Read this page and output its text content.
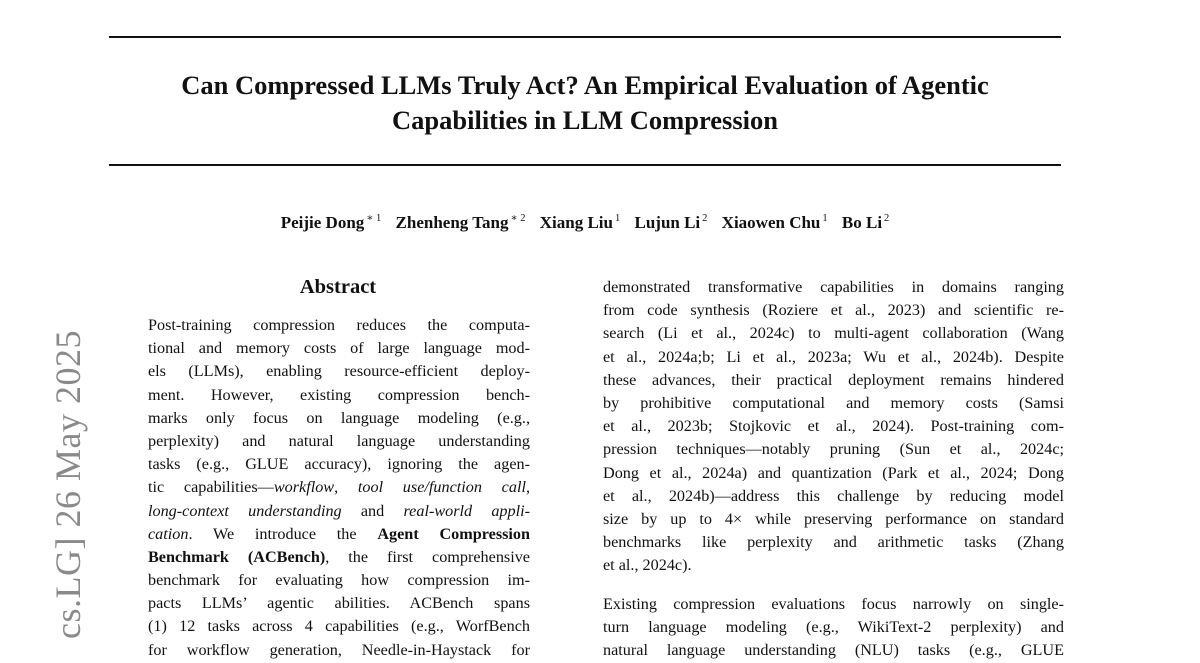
Can Compressed LLMs Truly Act? An Empirical Evaluation of Agentic
Capabilities in LLM Compression
Peijie Dong $^{∗ 1}$ Zhenheng Tang $^{∗ 2}$ Xiang Liu $^1$ Lujun Li $^2$ Xiaowen Chu $^1$ Bo Li $^2$
cs.LG] 26 May 2025
Abstract
Post-training compression reduces the computa-
tional and memory costs of large language mod-
els (LLMs), enabling resource-efficient deploy-
ment. However, existing compression bench-
marks only focus on language modeling (e.g.,
perplexity) and natural language understanding
tasks (e.g., GLUE accuracy), ignoring the agen-
tic capabilities—workflow, tool use/function call,
long-context understanding and real-world appli-
cation. We introduce the Agent Compression
Benchmark (ACBench), the first comprehensive
benchmark for evaluating how compression im-
pacts LLMs’ agentic abilities. ACBench spans
(1) 12 tasks across 4 capabilities (e.g., WorfBench
for workflow generation, Needle-in-Haystack for
demonstrated transformative capabilities in domains ranging
from code synthesis (Roziere et al., 2023) and scientific re-
search (Li et al., 2024c) to multi-agent collaboration (Wang
et al., 2024a;b; Li et al., 2023a; Wu et al., 2024b). Despite
these advances, their practical deployment remains hindered
by prohibitive computational and memory costs (Samsi
et al., 2023b; Stojkovic et al., 2024). Post-training com-
pression techniques—notably pruning (Sun et al., 2024c;
Dong et al., 2024a) and quantization (Park et al., 2024; Dong
et al., 2024b)—address this challenge by reducing model
size by up to 4× while preserving performance on standard
benchmarks like perplexity and arithmetic tasks (Zhang
et al., 2024c).
Existing compression evaluations focus narrowly on single-
turn language modeling (e.g., WikiText-2 perplexity) and
natural language understanding (NLU) tasks (e.g., GLUE
